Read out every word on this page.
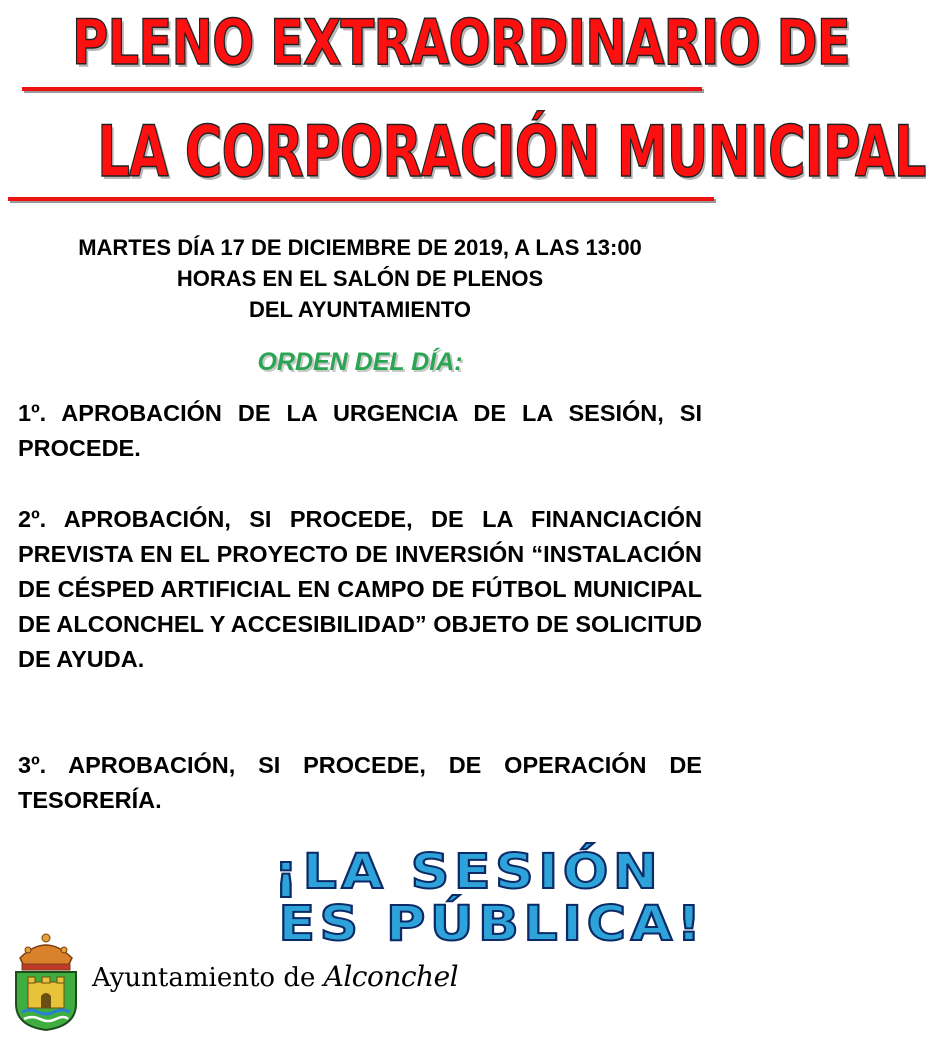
PLENO EXTRAORDINARIO DE
LA CORPORACIÓN MUNICIPAL
MARTES DÍA 17 DE DICIEMBRE DE 2019, A LAS 13:00
HORAS EN EL SALÓN DE PLENOS
DEL AYUNTAMIENTO
ORDEN DEL DÍA:
1º. APROBACIÓN DE LA URGENCIA DE LA SESIÓN, SI PROCEDE.
2º. APROBACIÓN, SI PROCEDE, DE LA FINANCIACIÓN PREVISTA EN EL PROYECTO DE INVERSIÓN “INSTALACIÓN DE CÉSPED ARTIFICIAL EN CAMPO DE FÚTBOL MUNICIPAL DE ALCONCHEL Y ACCESIBILIDAD” OBJETO DE SOLICITUD DE AYUDA.
3º. APROBACIÓN, SI PROCEDE, DE OPERACIÓN DE TESORERÍA.
¡LA SESIÓN
ES PÚBLICA!
Ayuntamiento de Alconchel
